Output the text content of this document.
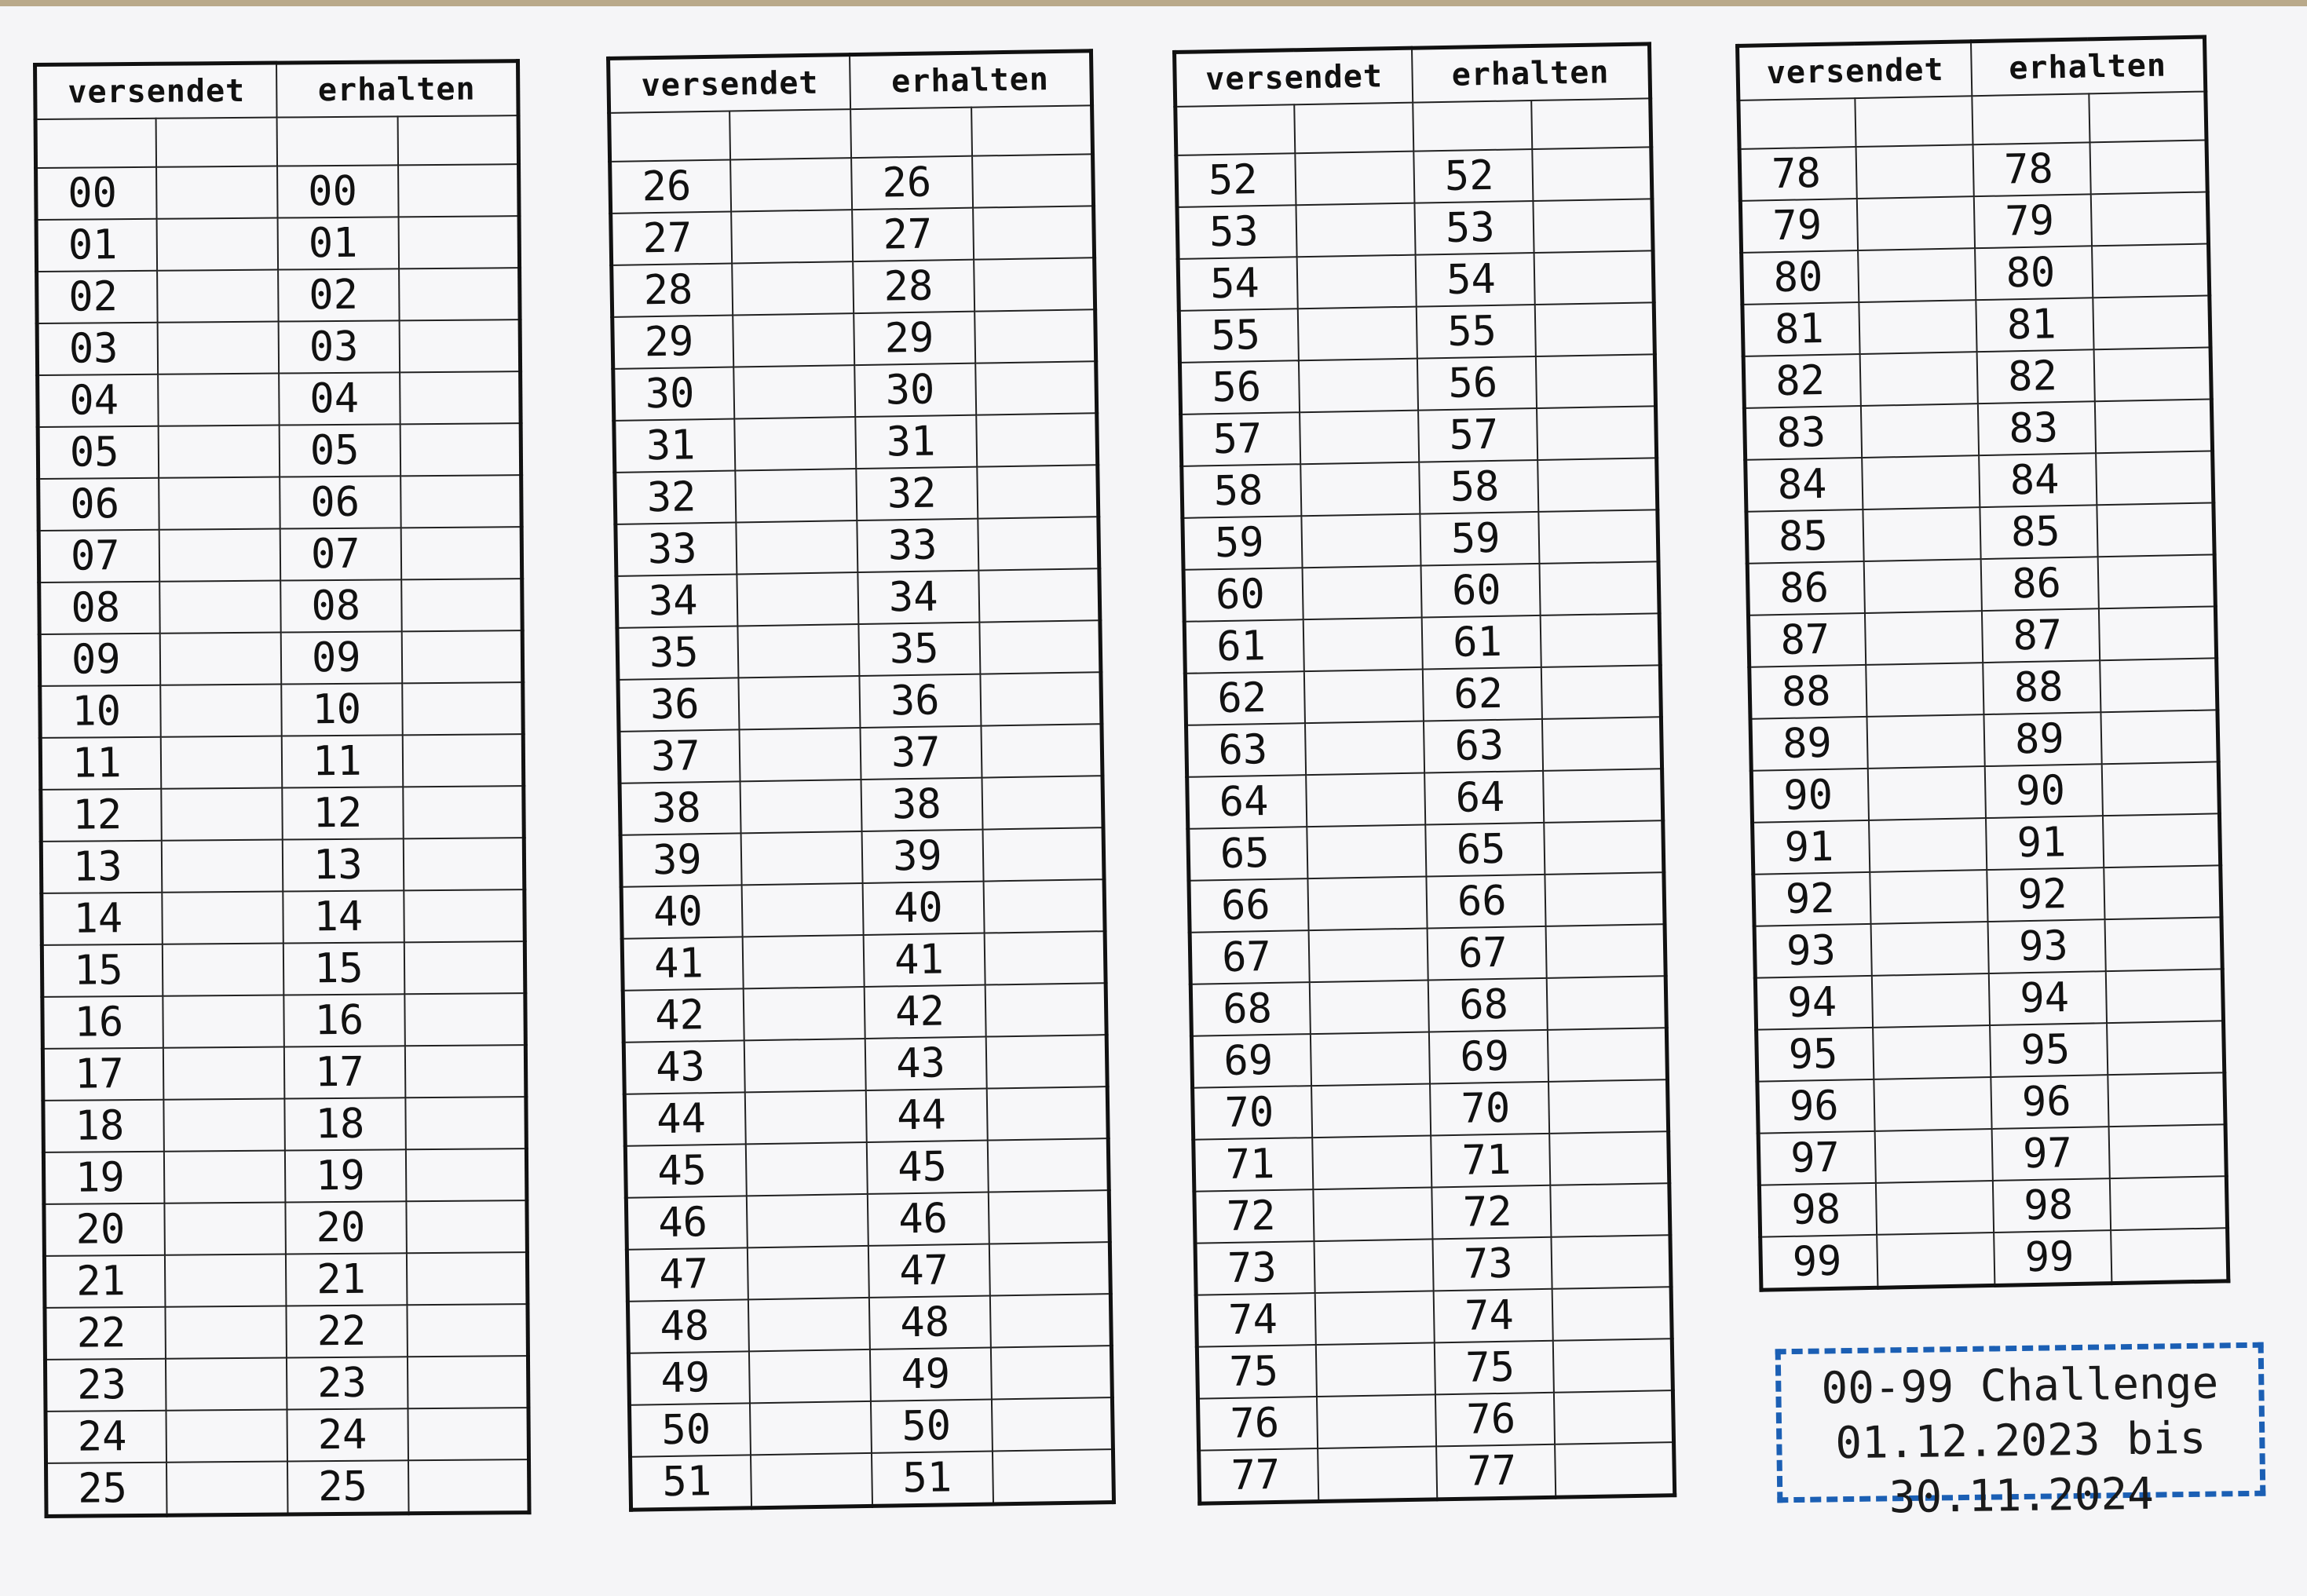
versendet		erhalten	

00		00	
01		01	
02		02	
03		03	
04		04	
05		05	
06		06	
07		07	
08		08	
09		09	
10		10	
11		11	
12		12	
13		13	
14		14	
15		15	
16		16	
17		17	
18		18	
19		19	
20		20	
21		21	
22		22	
23		23	
24		24	
25		25	
versendet		erhalten	

26		26	
27		27	
28		28	
29		29	
30		30	
31		31	
32		32	
33		33	
34		34	
35		35	
36		36	
37		37	
38		38	
39		39	
40		40	
41		41	
42		42	
43		43	
44		44	
45		45	
46		46	
47		47	
48		48	
49		49	
50		50	
51		51	
versendet		erhalten	

52		52	
53		53	
54		54	
55		55	
56		56	
57		57	
58		58	
59		59	
60		60	
61		61	
62		62	
63		63	
64		64	
65		65	
66		66	
67		67	
68		68	
69		69	
70		70	
71		71	
72		72	
73		73	
74		74	
75		75	
76		76	
77		77	
versendet		erhalten	

78		78	
79		79	
80		80	
81		81	
82		82	
83		83	
84		84	
85		85	
86		86	
87		87	
88		88	
89		89	
90		90	
91		91	
92		92	
93		93	
94		94	
95		95	
96		96	
97		97	
98		98	
99		99	
00-99 Challenge
01.12.2023 bis
30.11.2024
